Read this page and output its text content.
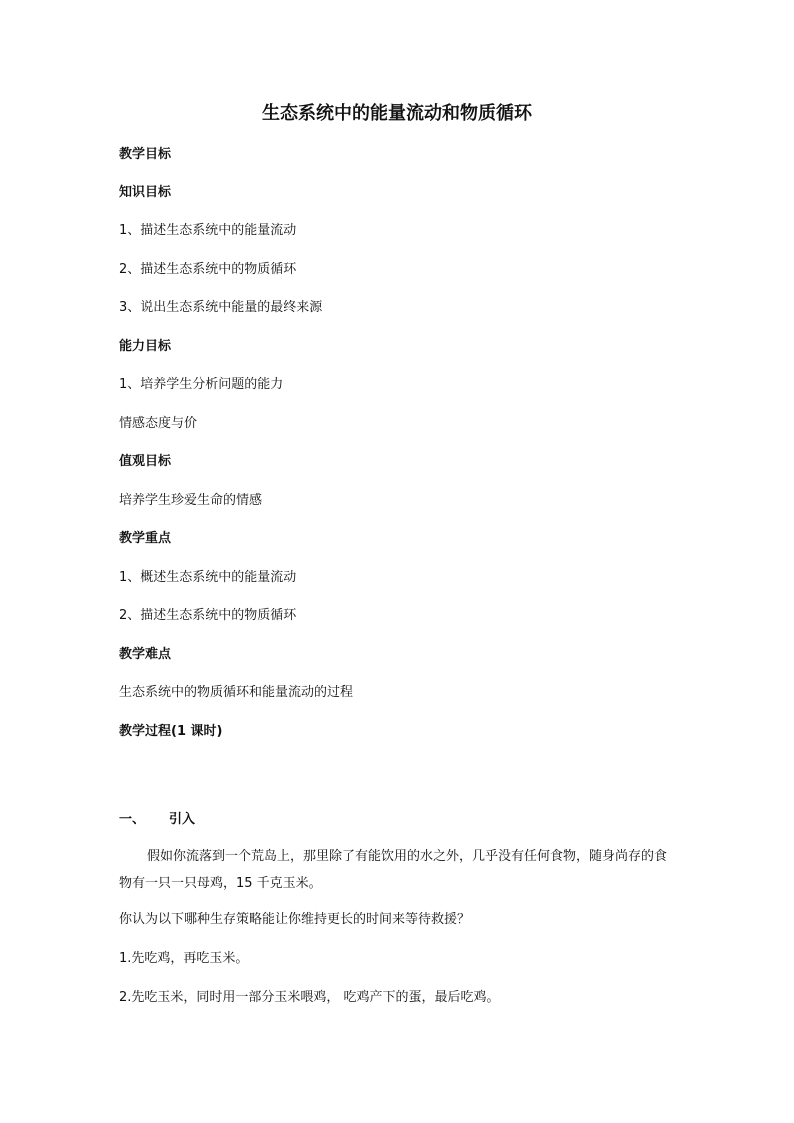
生态系统中的能量流动和物质循环

教学目标

知识目标

1、描述生态系统中的能量流动

2、描述生态系统中的物质循环

3、说出生态系统中能量的最终来源

能力目标

1、培养学生分析问题的能力

情感态度与价

值观目标

培养学生珍爱生命的情感

教学重点

1、概述生态系统中的能量流动

2、描述生态系统中的物质循环

教学难点

生态系统中的物质循环和能量流动的过程

教学过程(1 课时)

一、 引入

假如你流落到一个荒岛上，那里除了有能饮用的水之外，几乎没有任何食物，随身尚存的食物有一只一只母鸡，15 千克玉米。

你认为以下哪种生存策略能让你维持更长的时间来等待救援？

1.先吃鸡，再吃玉米。

2.先吃玉米，同时用一部分玉米喂鸡， 吃鸡产下的蛋，最后吃鸡。
